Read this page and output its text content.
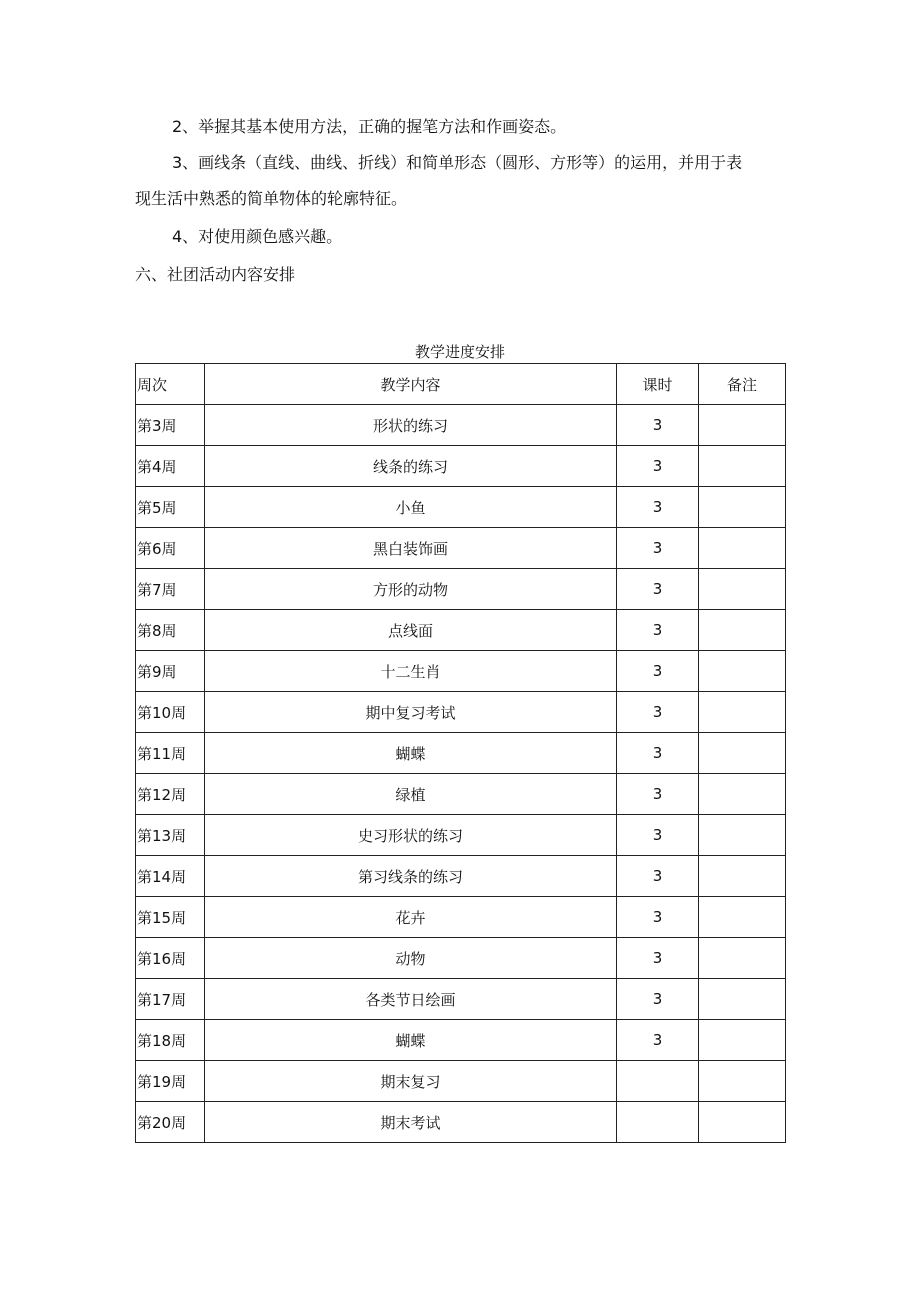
2、举握其基本使用方法，正确的握笔方法和作画姿态。
3、画线条（直线、曲线、折线）和简单形态（圆形、方形等）的运用，并用于表
现生活中熟悉的简单物体的轮廓特征。
4、对使用颜色感兴趣。
六、社团活动内容安排
教学进度安排
周次	教学内容	课时	备注
第3周	形状的练习	3	
第4周	线条的练习	3	
第5周	小鱼	3	
第6周	黑白装饰画	3	
第7周	方形的动物	3	
第8周	点线面	3	
第9周	十二生肖	3	
第10周	期中复习考试	3	
第11周	蝴蝶	3	
第12周	绿植	3	
第13周	史习形状的练习	3	
第14周	第习线条的练习	3	
第15周	花卉	3	
第16周	动物	3	
第17周	各类节日绘画	3	
第18周	蝴蝶	3	
第19周	期末复习		
第20周	期末考试		
